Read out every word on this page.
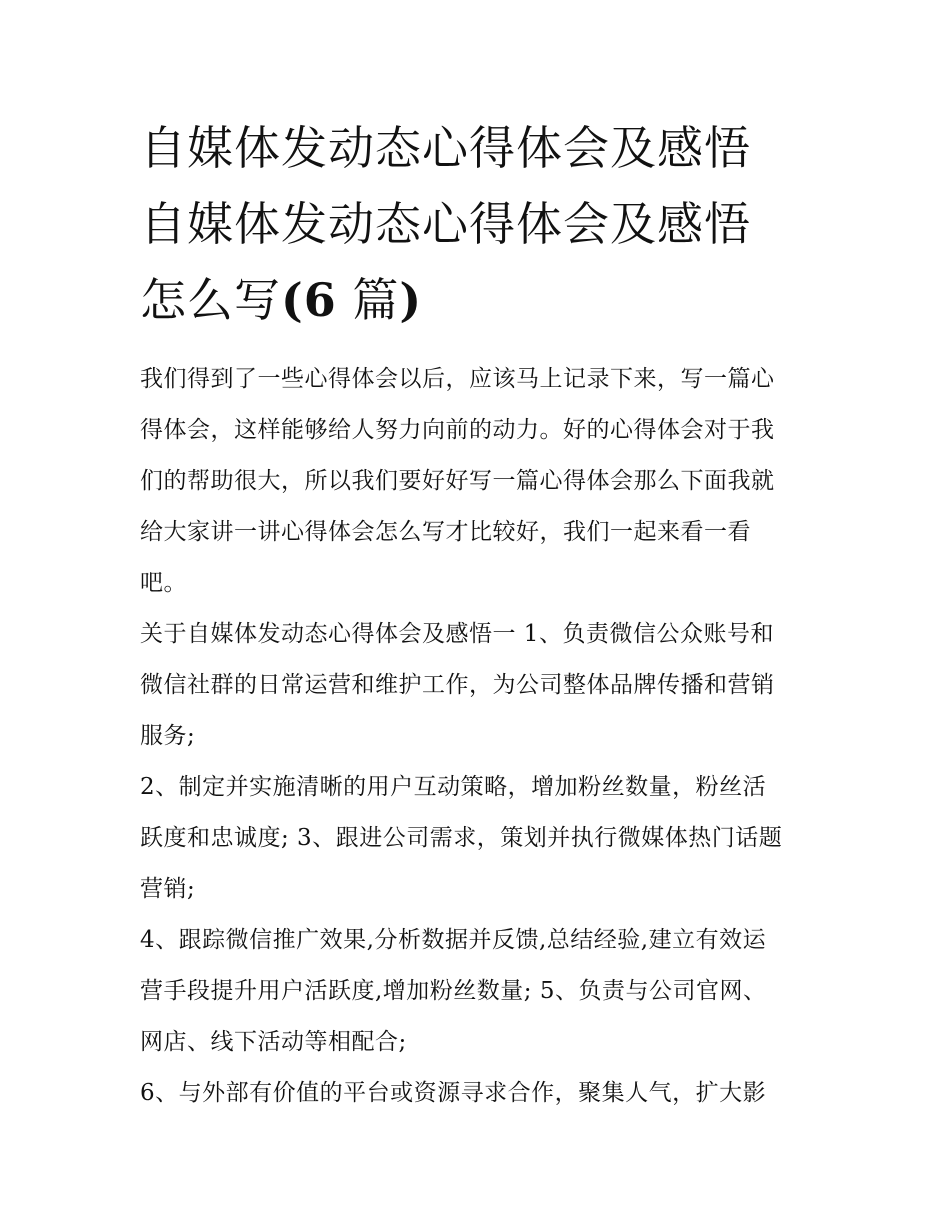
自媒体发动态心得体会及感悟
自媒体发动态心得体会及感悟
怎么写(6 篇)

我们得到了一些心得体会以后，应该马上记录下来，写一篇心
得体会，这样能够给人努力向前的动力。好的心得体会对于我
们的帮助很大，所以我们要好好写一篇心得体会那么下面我就
给大家讲一讲心得体会怎么写才比较好，我们一起来看一看
吧。

关于自媒体发动态心得体会及感悟一 1、负责微信公众账号和
微信社群的日常运营和维护工作，为公司整体品牌传播和营销
服务;

2、制定并实施清晰的用户互动策略，增加粉丝数量，粉丝活
跃度和忠诚度; 3、跟进公司需求，策划并执行微媒体热门话题
营销;

4、跟踪微信推广效果,分析数据并反馈,总结经验,建立有效运
营手段提升用户活跃度,增加粉丝数量; 5、负责与公司官网、
网店、线下活动等相配合;

6、与外部有价值的平台或资源寻求合作，聚集人气，扩大影
